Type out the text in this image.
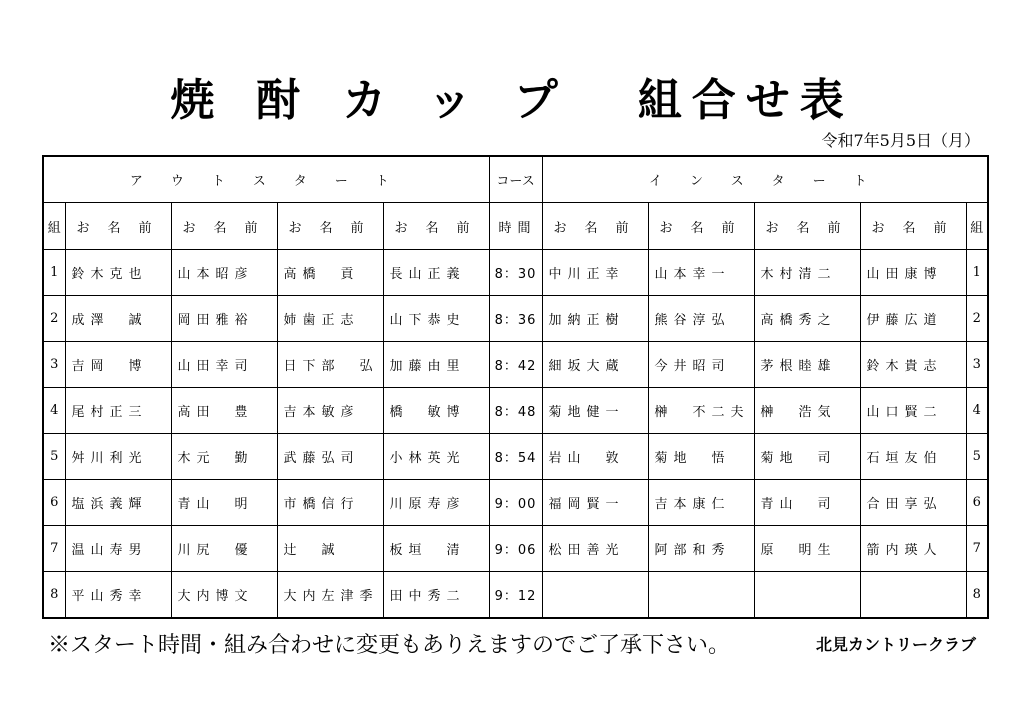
焼酎カップ 組合せ表
令和7年5月5日（月）
アウトスタート					コース	インスタート				
組	お名前	お名前	お名前	お名前	時間	お名前	お名前	お名前	お名前	組
1	鈴木克也	山本昭彦	高橋　貢	長山正義	8：30	中川正幸	山本幸一	木村清二	山田康博	1
2	成澤　誠	岡田雅裕	姉歯正志	山下恭史	8：36	加納正樹	熊谷淳弘	高橋秀之	伊藤広道	2
3	吉岡　博	山田幸司	日下部　弘	加藤由里	8：42	細坂大蔵	今井昭司	茅根睦雄	鈴木貴志	3
4	尾村正三	高田　豊	吉本敏彦	橋　敏博	8：48	菊地健一	榊　不二夫	榊　浩気	山口賢二	4
5	舛川利光	木元　勤	武藤弘司	小林英光	8：54	岩山　敦	菊地　悟	菊地　司	石垣友伯	5
6	塩浜義輝	青山　明	市橋信行	川原寿彦	9：00	福岡賢一	吉本康仁	青山　司	合田享弘	6
7	温山寿男	川尻　優	辻　誠	板垣　清	9：06	松田善光	阿部和秀	原　明生	箭内瑛人	7
8	平山秀幸	大内博文	大内左津季	田中秀二	9：12					8
※スタート時間・組み合わせに変更もありえますのでご了承下さい。	北見カントリークラブ
